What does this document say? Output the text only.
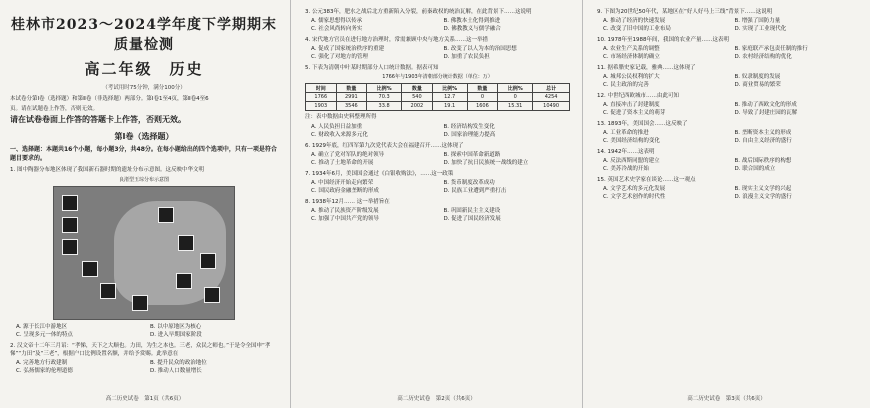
桂林市2023～2024学年度下学期期末质量检测
高二年级　历史
（考试用时75分钟，满分100分）
本试卷分第Ⅰ卷（选择题）和第Ⅱ卷（非选择题）两部分。第Ⅰ卷1至4页，第Ⅱ卷4至6
页。请在试题卷上作答，否则无效。
请在试卷卷面上作答的答题卡上作答，否则无效。
第Ⅰ卷（选择题）
一、选择题：本题共16个小题，每小题3分，共48分。在每小题给出的四个选项中，只有一项是符合题目要求的。
1. 图中陶器分布地区体现了我国新石器时期的遗址分布示意图。这反映中华文明
良渚型玉琮分布示意图
A. 源于长江中游地区	B. 以中原地区为核心
C. 呈现多元一体的特点	D. 进入早期国家阶段
2. 汉文帝十二年三月诏：“孝悌，天下之大顺也。力田，为生之本也。三老，众民之师也。”于是令全国申“孝悌”“力田”及“三老”，根据户口比例设置名额，并给予赏赐。此举意在
A. 完善地方行政建制	B. 提升民众的政治地位
C. 弘扬儒家的伦理道德	D. 推动人口数量增长
高二历史试卷　第1页（共6页）
3. 公元383年，肥水之战后北方重新陷入分裂，前秦政权的统治瓦解，在此背景下……这说明
A. 儒家思想得以传承	B. 佛教本土化得到推进
C. 社会风尚转向务实	D. 佛教教义与儒学融合
4. 宋代地方官员在进行地方治理时，常需兼顾中央与地方关系……这一举措
A. 促成了国家统治秩序的重建	B. 改变了以人为本的治国思想
C. 强化了对地方的管理	D. 加重了农民负担
5. 下表为清朝中叶某时期部分人口统计数据。据表可知
1766年与1903年清朝部分统计数据（单位：万）
时间	数量	比例%	数量	比例%	数量	比例%	总计
1766	2991	70.3	540	12.7	0	0	4254
1903	3546	33.8	2002	19.1	1606	15.31	10490
注：表中数据由史料整理所得
A. 人民负担日益加重	B. 经济结构发生变化
C. 财政收入来源多元化	D. 国家治理能力提高
6. 1929年底，红四军第九次党代表大会在福建召开……这体现了
A. 确立了党对军队的绝对领导	B. 探索中国革命新道路
C. 推动了土地革命的开展	D. 加快了抗日民族统一战线的建立
7. 1934年6月，美国国会通过《白银收购法》，……这一政策
A. 中国经济开始走向繁荣	B. 货币制度改革成功
C. 国民政府金融垄断的形成	D. 民族工业遭到严重打击
8. 1938年12月…… 这一举措旨在
A. 推动了民族资产阶级发展	B. 巩固新民主主义建设
C. 加强了中国共产党的领导	D. 促进了国民经济发展
高二历史试卷　第2页（共6页）
9. 下图为20世纪50年代，某地区在“好人好马上三线”背景下……这说明
A. 推动了经济的快速发展	B. 增强了国防力量
C. 改变了旧中国的工业布局	D. 实现了工业现代化
10. 1978年至1988年间，我国的农业产量……这表明
A. 农业生产关系的调整	B. 家庭联产承包责任制的推行
C. 市场经济体制的确立	D. 农村经济结构的优化
11. 据希腊史家记载，雅典……这体现了
A. 城邦公民权利的扩大	B. 奴隶制度的发展
C. 民主政治的完善	D. 商业贸易的繁荣
12. 中世纪西欧城市……由此可知
A. 直接冲击了封建制度	B. 推动了西欧文化的形成
C. 促进了资本主义的萌芽	D. 导致了封建庄园的瓦解
13. 1893年，美国国会……这反映了
A. 工业革命的推进	B. 垄断资本主义的形成
C. 美国经济结构的变化	D. 自由主义经济的盛行
14. 1942年……这表明
A. 反法西斯同盟的建立	B. 战后国际秩序的构想
C. 美苏冷战的开始	D. 联合国的成立
15. 英国艺术史学家在谈论……这一观点
A. 文学艺术的多元化发展	B. 现实主义文学的兴起
C. 文学艺术创作的时代性	D. 浪漫主义文学的盛行
高二历史试卷　第3页（共6页）
